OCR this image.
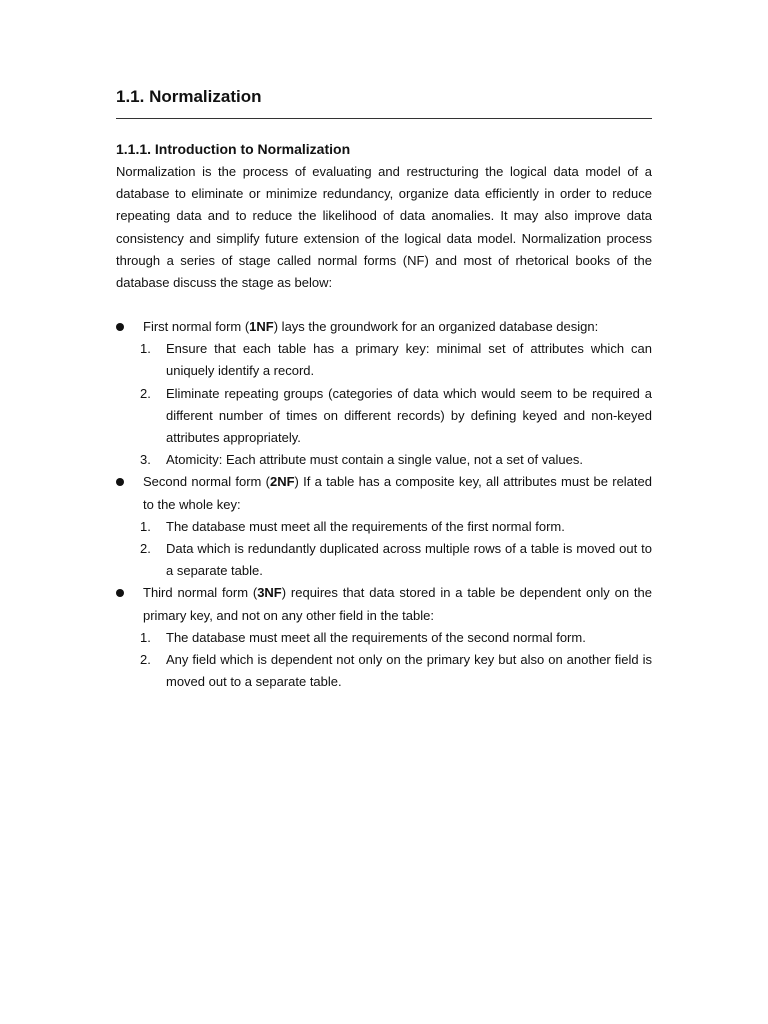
1.1. Normalization
1.1.1. Introduction to Normalization

Normalization is the process of evaluating and restructuring the logical data model of a database to eliminate or minimize redundancy, organize data efficiently in order to reduce repeating data and to reduce the likelihood of data anomalies. It may also improve data consistency and simplify future extension of the logical data model. Normalization process through a series of stage called normal forms (NF) and most of rhetorical books of the database discuss the stage as below:

First normal form (1NF) lays the groundwork for an organized database design:
1. Ensure that each table has a primary key: minimal set of attributes which can uniquely identify a record.
2. Eliminate repeating groups (categories of data which would seem to be required a different number of times on different records) by defining keyed and non-keyed attributes appropriately.
3. Atomicity: Each attribute must contain a single value, not a set of values.
Second normal form (2NF) If a table has a composite key, all attributes must be related to the whole key:
1. The database must meet all the requirements of the first normal form.
2. Data which is redundantly duplicated across multiple rows of a table is moved out to a separate table.
Third normal form (3NF) requires that data stored in a table be dependent only on the primary key, and not on any other field in the table:
1. The database must meet all the requirements of the second normal form.
2. Any field which is dependent not only on the primary key but also on another field is moved out to a separate table.
